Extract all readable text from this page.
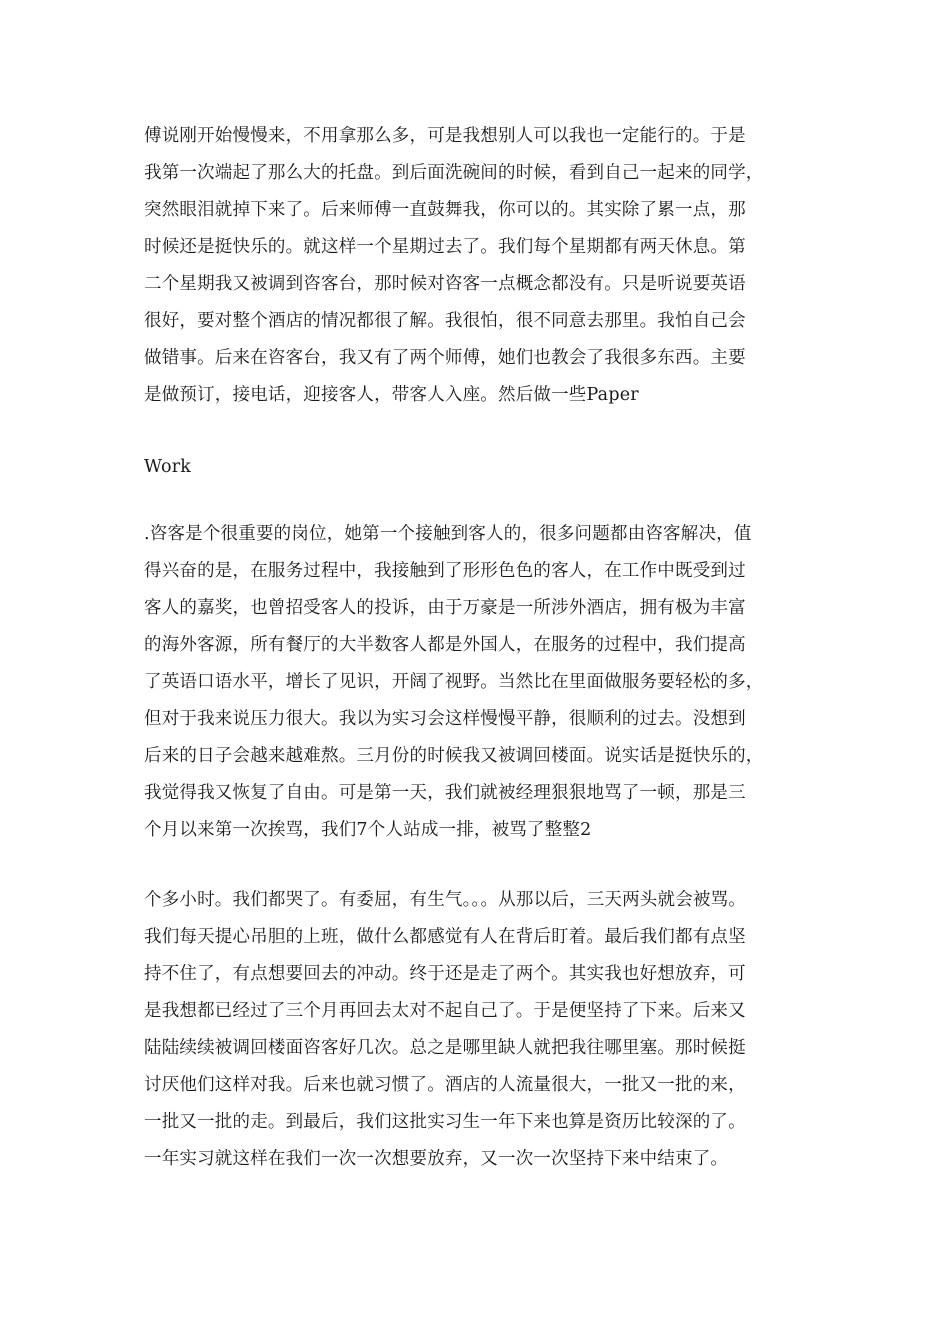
傅说刚开始慢慢来，不用拿那么多，可是我想别人可以我也一定能行的。于是
我第一次端起了那么大的托盘。到后面洗碗间的时候，看到自己一起来的同学，
突然眼泪就掉下来了。后来师傅一直鼓舞我，你可以的。其实除了累一点，那
时候还是挺快乐的。就这样一个星期过去了。我们每个星期都有两天休息。第
二个星期我又被调到咨客台，那时候对咨客一点概念都没有。只是听说要英语
很好，要对整个酒店的情况都很了解。我很怕，很不同意去那里。我怕自己会
做错事。后来在咨客台，我又有了两个师傅，她们也教会了我很多东西。主要
是做预订，接电话，迎接客人，带客人入座。然后做一些Paper
Work
.咨客是个很重要的岗位，她第一个接触到客人的，很多问题都由咨客解决，值
得兴奋的是，在服务过程中，我接触到了形形色色的客人，在工作中既受到过
客人的嘉奖，也曾招受客人的投诉，由于万豪是一所涉外酒店，拥有极为丰富
的海外客源，所有餐厅的大半数客人都是外国人，在服务的过程中，我们提高
了英语口语水平，增长了见识，开阔了视野。当然比在里面做服务要轻松的多，
但对于我来说压力很大。我以为实习会这样慢慢平静，很顺利的过去。没想到
后来的日子会越来越难熬。三月份的时候我又被调回楼面。说实话是挺快乐的，
我觉得我又恢复了自由。可是第一天，我们就被经理狠狠地骂了一顿，那是三
个月以来第一次挨骂，我们7个人站成一排，被骂了整整2
个多小时。我们都哭了。有委屈，有生气。。。从那以后，三天两头就会被骂。
我们每天提心吊胆的上班，做什么都感觉有人在背后盯着。最后我们都有点坚
持不住了，有点想要回去的冲动。终于还是走了两个。其实我也好想放弃，可
是我想都已经过了三个月再回去太对不起自己了。于是便坚持了下来。后来又
陆陆续续被调回楼面咨客好几次。总之是哪里缺人就把我往哪里塞。那时候挺
讨厌他们这样对我。后来也就习惯了。酒店的人流量很大，一批又一批的来，
一批又一批的走。到最后，我们这批实习生一年下来也算是资历比较深的了。
一年实习就这样在我们一次一次想要放弃，又一次一次坚持下来中结束了。
